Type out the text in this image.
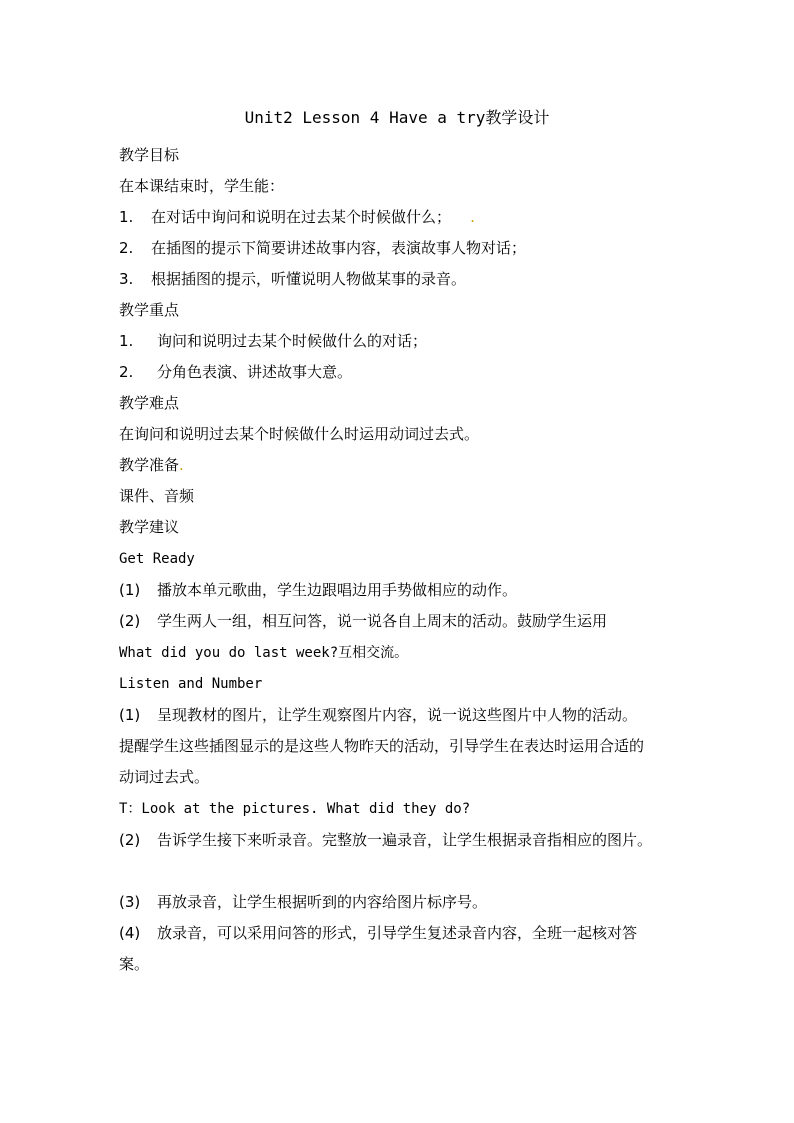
Unit2 Lesson 4 Have a try教学设计
教学目标
在本课结束时，学生能：
1. 在对话中询问和说明在过去某个时候做什么；    .
2. 在插图的提示下简要讲述故事内容，表演故事人物对话；
3. 根据插图的提示，听懂说明人物做某事的录音。
教学重点
1. 询问和说明过去某个时候做什么的对话；
2. 分角色表演、讲述故事大意。
教学难点
在询问和说明过去某个时候做什么时运用动词过去式。
教学准备.
课件、音频
教学建议
Get Ready
(1) 播放本单元歌曲，学生边跟唱边用手势做相应的动作。
(2) 学生两人一组，相互问答，说一说各自上周末的活动。鼓励学生运用
What did you do last week?互相交流。
Listen and Number
(1) 呈现教材的图片，让学生观察图片内容，说一说这些图片中人物的活动。
提醒学生这些插图显示的是这些人物昨天的活动，引导学生在表达时运用合适的
动词过去式。
T：Look at the pictures. What did they do?
(2) 告诉学生接下来听录音。完整放一遍录音，让学生根据录音指相应的图片。
(3) 再放录音，让学生根据听到的内容给图片标序号。
(4) 放录音，可以采用问答的形式，引导学生复述录音内容，全班一起核对答
案。
